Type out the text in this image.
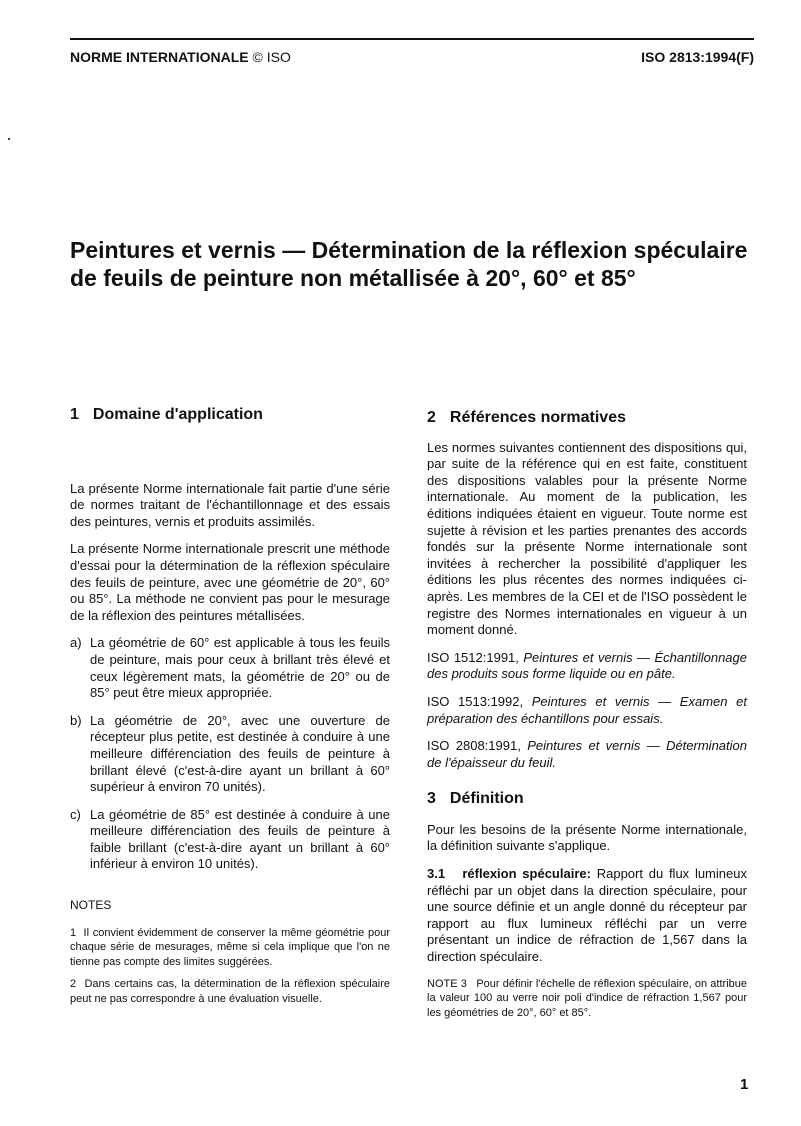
NORME INTERNATIONALE © ISO	ISO 2813:1994(F)
Peintures et vernis — Détermination de la réflexion spéculaire de feuils de peinture non métallisée à 20°, 60° et 85°
1 Domaine d'application

La présente Norme internationale fait partie d'une série de normes traitant de l'échantillonnage et des essais des peintures, vernis et produits assimilés.

La présente Norme internationale prescrit une méthode d'essai pour la détermination de la réflexion spéculaire des feuils de peinture, avec une géométrie de 20°, 60° ou 85°. La méthode ne convient pas pour le mesurage de la réflexion des peintures métallisées.

a) La géométrie de 60° est applicable à tous les feuils de peinture, mais pour ceux à brillant très élevé et ceux légèrement mats, la géométrie de 20° ou de 85° peut être mieux appropriée.
b) La géométrie de 20°, avec une ouverture de récepteur plus petite, est destinée à conduire à une meilleure différenciation des feuils de peinture à brillant élevé (c'est-à-dire ayant un brillant à 60° supérieur à environ 70 unités).
c) La géométrie de 85° est destinée à conduire à une meilleure différenciation des feuils de peinture à faible brillant (c'est-à-dire ayant un brillant à 60° inférieur à environ 10 unités).

NOTES

1 Il convient évidemment de conserver la même géométrie pour chaque série de mesurages, même si cela implique que l'on ne tienne pas compte des limites suggérées.

2 Dans certains cas, la détermination de la réflexion spéculaire peut ne pas correspondre à une évaluation visuelle.

2 Références normatives

Les normes suivantes contiennent des dispositions qui, par suite de la référence qui en est faite, constituent des dispositions valables pour la présente Norme internationale. Au moment de la publication, les éditions indiquées étaient en vigueur. Toute norme est sujette à révision et les parties prenantes des accords fondés sur la présente Norme internationale sont invitées à rechercher la possibilité d'appliquer les éditions les plus récentes des normes indiquées ci-après. Les membres de la CEI et de l'ISO possèdent le registre des Normes internationales en vigueur à un moment donné.

ISO 1512:1991, Peintures et vernis — Échantillonnage des produits sous forme liquide ou en pâte.

ISO 1513:1992, Peintures et vernis — Examen et préparation des échantillons pour essais.

ISO 2808:1991, Peintures et vernis — Détermination de l'épaisseur du feuil.

3 Définition

Pour les besoins de la présente Norme internationale, la définition suivante s'applique.

3.1 réflexion spéculaire: Rapport du flux lumineux réfléchi par un objet dans la direction spéculaire, pour une source définie et un angle donné du récepteur par rapport au flux lumineux réfléchi par un verre présentant un indice de réfraction de 1,567 dans la direction spéculaire.

NOTE 3 Pour définir l'échelle de réflexion spéculaire, on attribue la valeur 100 au verre noir poli d'indice de réfraction 1,567 pour les géométries de 20°, 60° et 85°.

1
